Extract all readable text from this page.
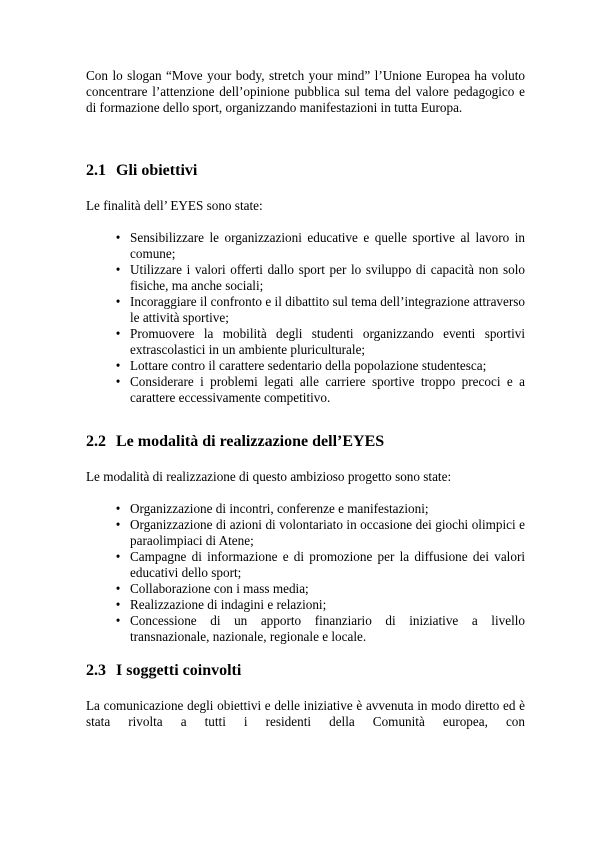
Con lo slogan “Move your body, stretch your mind” l’Unione Europea ha voluto concentrare l’attenzione dell’opinione pubblica sul tema del valore pedagogico e di formazione dello sport, organizzando manifestazioni in tutta Europa.

2.1 Gli obiettivi

Le finalità dell’ EYES sono state:

• Sensibilizzare le organizzazioni educative e quelle sportive al lavoro in comune;
• Utilizzare i valori offerti dallo sport per lo sviluppo di capacità non solo fisiche, ma anche sociali;
• Incoraggiare il confronto e il dibattito sul tema dell’integrazione attraverso le attività sportive;
• Promuovere la mobilità degli studenti organizzando eventi sportivi extrascolastici in un ambiente pluriculturale;
• Lottare contro il carattere sedentario della popolazione studentesca;
• Considerare i problemi legati alle carriere sportive troppo precoci e a carattere eccessivamente competitivo.
2.2 Le modalità di realizzazione dell’EYES

Le modalità di realizzazione di questo ambizioso progetto sono state:

• Organizzazione di incontri, conferenze e manifestazioni;
• Organizzazione di azioni di volontariato in occasione dei giochi olimpici e paraolimpiaci di Atene;
• Campagne di informazione e di promozione per la diffusione dei valori educativi dello sport;
• Collaborazione con i mass media;
• Realizzazione di indagini e relazioni;
• Concessione di un apporto finanziario di iniziative a livello transnazionale, nazionale, regionale e locale.
2.3 I soggetti coinvolti

La comunicazione degli obiettivi e delle iniziative è avvenuta in modo diretto ed è stata rivolta a tutti i residenti della Comunità europea, con
